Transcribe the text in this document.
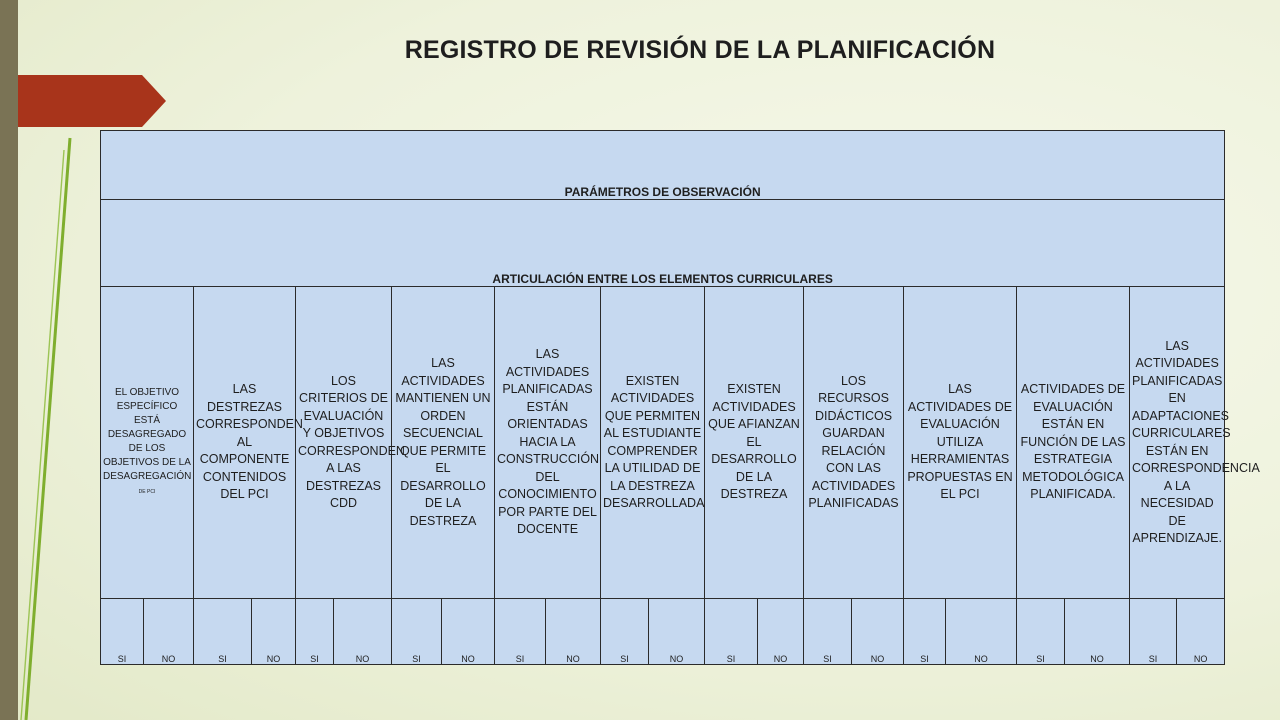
REGISTRO DE REVISIÓN DE LA PLANIFICACIÓN
PARÁMETROS DE OBSERVACIÓN																					
ARTICULACIÓN ENTRE LOS ELEMENTOS CURRICULARES																					
EL OBJETIVO ESPECÍFICO ESTÁ DESAGREGADO DE LOS OBJETIVOS DE LA DESAGREGACIÓN DE PCI		LAS DESTREZAS CORRESPONDEN AL COMPONENTE CONTENIDOS DEL PCI		LOS CRITERIOS DE EVALUACIÓN Y OBJETIVOS CORRESPONDEN A LAS DESTREZAS CDD		LAS ACTIVIDADES MANTIENEN UN ORDEN SECUENCIAL QUE PERMITE EL DESARROLLO DE LA DESTREZA		LAS ACTIVIDADES PLANIFICADAS ESTÁN ORIENTADAS HACIA LA CONSTRUCCIÓN DEL CONOCIMIENTO POR PARTE DEL DOCENTE		EXISTEN ACTIVIDADES QUE PERMITEN AL ESTUDIANTE COMPRENDER LA UTILIDAD DE LA DESTREZA DESARROLLADA		EXISTEN ACTIVIDADES QUE AFIANZAN EL DESARROLLO DE LA DESTREZA		LOS RECURSOS DIDÁCTICOS GUARDAN RELACIÓN CON LAS ACTIVIDADES PLANIFICADAS		LAS ACTIVIDADES DE EVALUACIÓN UTILIZA HERRAMIENTAS PROPUESTAS EN EL PCI		ACTIVIDADES DE EVALUACIÓN ESTÁN EN FUNCIÓN DE LAS ESTRATEGIA METODOLÓGICA PLANIFICADA.		LAS ACTIVIDADES PLANIFICADAS EN ADAPTACIONES CURRICULARES ESTÁN EN CORRESPONDENCIA A LA NECESIDAD DE APRENDIZAJE.	
SI	NO	SI	NO	SI	NO	SI	NO	SI	NO	SI	NO	SI	NO	SI	NO	SI	NO	SI	NO	SI	NO
